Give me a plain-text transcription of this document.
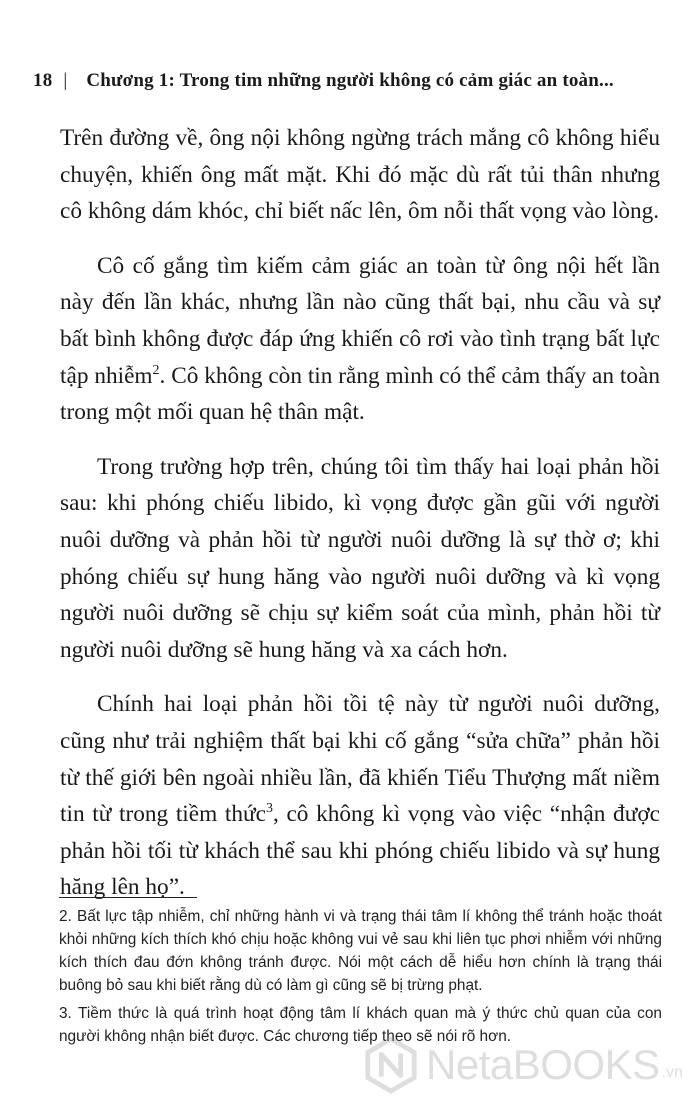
18 | Chương 1: Trong tim những người không có cảm giác an toàn...

Trên đường về, ông nội không ngừng trách mắng cô không hiểu chuyện, khiến ông mất mặt. Khi đó mặc dù rất tủi thân nhưng cô không dám khóc, chỉ biết nấc lên, ôm nỗi thất vọng vào lòng.

Cô cố gắng tìm kiếm cảm giác an toàn từ ông nội hết lần này đến lần khác, nhưng lần nào cũng thất bại, nhu cầu và sự bất bình không được đáp ứng khiến cô rơi vào tình trạng bất lực tập nhiễm$^2$. Cô không còn tin rằng mình có thể cảm thấy an toàn trong một mối quan hệ thân mật.

Trong trường hợp trên, chúng tôi tìm thấy hai loại phản hồi sau: khi phóng chiếu libido, kì vọng được gần gũi với người nuôi dưỡng và phản hồi từ người nuôi dưỡng là sự thờ ơ; khi phóng chiếu sự hung hăng vào người nuôi dưỡng và kì vọng người nuôi dưỡng sẽ chịu sự kiểm soát của mình, phản hồi từ người nuôi dưỡng sẽ hung hăng và xa cách hơn.

Chính hai loại phản hồi tồi tệ này từ người nuôi dưỡng, cũng như trải nghiệm thất bại khi cố gắng “sửa chữa” phản hồi từ thế giới bên ngoài nhiều lần, đã khiến Tiểu Thượng mất niềm tin từ trong tiềm thức$^3$, cô không kì vọng vào việc “nhận được phản hồi tối từ khách thể sau khi phóng chiếu libido và sự hung hăng lên họ”.

2. Bất lực tập nhiễm, chỉ những hành vi và trạng thái tâm lí không thể tránh hoặc thoát khỏi những kích thích khó chịu hoặc không vui vẻ sau khi liên tục phơi nhiễm với những kích thích đau đớn không tránh được. Nói một cách dễ hiểu hơn chính là trạng thái buông bỏ sau khi biết rằng dù có làm gì cũng sẽ bị trừng phạt.

3. Tiềm thức là quá trình hoạt động tâm lí khách quan mà ý thức chủ quan của con người không nhận biết được. Các chương tiếp theo sẽ nói rõ hơn.

NetaBOOKS .vn
